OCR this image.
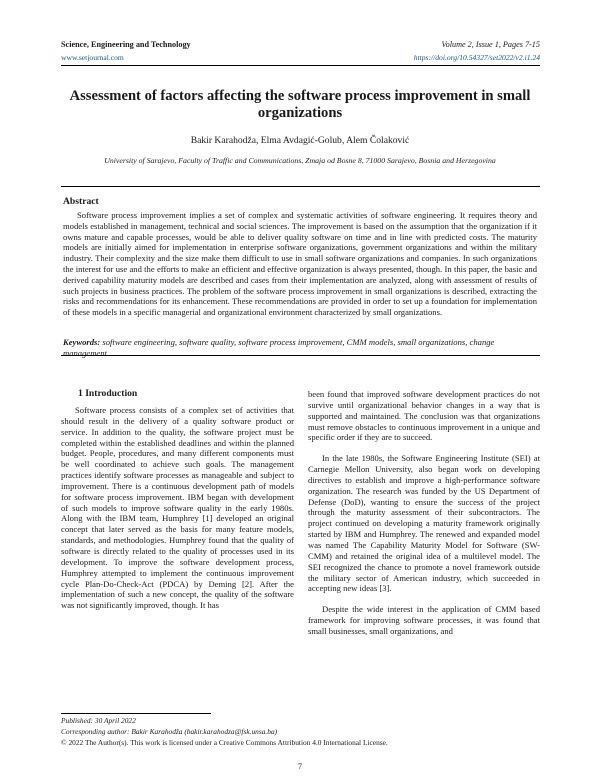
Science, Engineering and Technology	Volume 2, Issue 1, Pages 7-15
www.setjournal.com	https://doi.org/10.54327/set2022/v2.i1.24
Assessment of factors affecting the software process improvement in small organizations
Bakir Karahodža, Elma Avdagić-Golub, Alem Čolaković
University of Sarajevo, Faculty of Traffic and Communications, Zmaja od Bosne 8, 71000 Sarajevo, Bosnia and Herzegovina
Abstract
Software process improvement implies a set of complex and systematic activities of software engineering. It requires theory and models established in management, technical and social sciences. The improvement is based on the assumption that the organization if it owns mature and capable processes, would be able to deliver quality software on time and in line with predicted costs. The maturity models are initially aimed for implementation in enterprise software organizations, government organizations and within the military industry. Their complexity and the size make them difficult to use in small software organizations and companies. In such organizations the interest for use and the efforts to make an efficient and effective organization is always presented, though. In this paper, the basic and derived capability maturity models are described and cases from their implementation are analyzed, along with assessment of results of such projects in business practices. The problem of the software process improvement in small organizations is described, extracting the risks and recommendations for its enhancement. These recommendations are provided in order to set up a foundation for implementation of these models in a specific managerial and organizational environment characterized by small organizations.
Keywords: software engineering, software quality, software process improvement, CMM models, small organizations, change management
1 Introduction

Software process consists of a complex set of activities that should result in the delivery of a quality software product or service. In addition to the quality, the software project must be completed within the established deadlines and within the planned budget. People, procedures, and many different components must be well coordinated to achieve such goals. The management practices identify software processes as manageable and subject to improvement. There is a continuous development path of models for software process improvement. IBM began with development of such models to improve software quality in the early 1980s. Along with the IBM team, Humphrey [1] developed an original concept that later served as the basis for many feature models, standards, and methodologies. Humphrey found that the quality of software is directly related to the quality of processes used in its development. To improve the software development process, Humphrey attempted to implement the continuous improvement cycle Plan-Do-Check-Act (PDCA) by Deming [2]. After the implementation of such a new concept, the quality of the software was not significantly improved, though. It has

been found that improved software development practices do not survive until organizational behavior changes in a way that is supported and maintained. The conclusion was that organizations must remove obstacles to continuous improvement in a unique and specific order if they are to succeed.

In the late 1980s, the Software Engineering Institute (SEI) at Carnegie Mellon University, also began work on developing directives to establish and improve a high-performance software organization. The research was funded by the US Department of Defense (DoD), wanting to ensure the success of the project through the maturity assessment of their subcontractors. The project continued on developing a maturity framework originally started by IBM and Humphrey. The renewed and expanded model was named The Capability Maturity Model for Software (SW-CMM) and retained the original idea of a multilevel model. The SEI recognized the chance to promote a novel framework outside the military sector of American industry, which succeeded in accepting new ideas [3].

Despite the wide interest in the application of CMM based framework for improving software processes, it was found that small businesses, small organizations, and

Published: 30 April 2022
Corresponding author: Bakir Karahodža (bakir.karahodza@fsk.unsa.ba)
© 2022 The Author(s). This work is licensed under a Creative Commons Attribution 4.0 International License.
7
